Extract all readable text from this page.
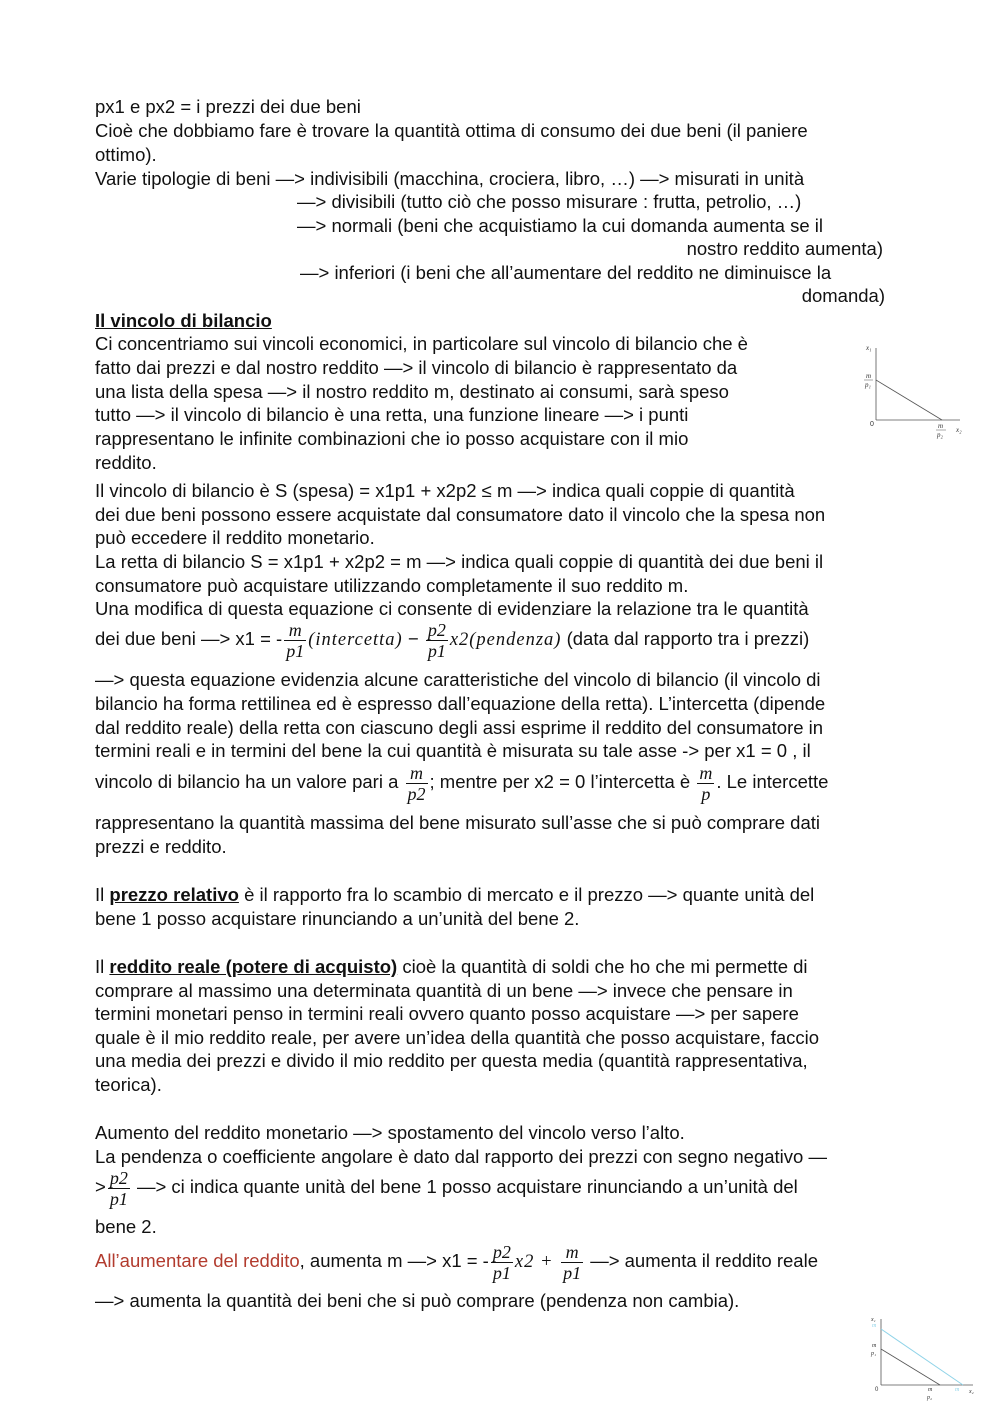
px1 e px2 = i prezzi dei due beni
Cioè che dobbiamo fare è trovare la quantità ottima di consumo dei due beni (il paniere
ottimo).
Varie tipologie di beni —> indivisibili (macchina, crociera, libro, …) —> misurati in unità
—> divisibili (tutto ciò che posso misurare : frutta, petrolio, …)
—> normali (beni che acquistiamo la cui domanda aumenta se il
nostro reddito aumenta)
—> inferiori (i beni che all’aumentare del reddito ne diminuisce la
domanda)
Il vincolo di bilancio
Ci concentriamo sui vincoli economici, in particolare sul vincolo di bilancio che è
fatto dai prezzi e dal nostro reddito —> il vincolo di bilancio è rappresentato da
una lista della spesa —> il nostro reddito m, destinato ai consumi, sarà speso
tutto —> il vincolo di bilancio è una retta, una funzione lineare —> i punti
rappresentano le infinite combinazioni che io posso acquistare con il mio
reddito.
x₁
x₂
0
m
p₁
m
p₂
Il vincolo di bilancio è S (spesa) = x1p1 + x2p2 ≤ m —> indica quali coppie di quantità
dei due beni possono essere acquistate dal consumatore dato il vincolo che la spesa non
può eccedere il reddito monetario.
La retta di bilancio S = x1p1 + x2p2 = m —> indica quali coppie di quantità dei due beni il
consumatore può acquistare utilizzando completamente il suo reddito m.
Una modifica di questa equazione ci consente di evidenziare la relazione tra le quantità
dei due beni —> x1 = - $\frac{m}{p1}$ (intercetta) − $\frac{p2}{p1}$ x2(pendenza) (data dal rapporto tra i prezzi)
—> questa equazione evidenzia alcune caratteristiche del vincolo di bilancio (il vincolo di
bilancio ha forma rettilinea ed è espresso dall’equazione della retta). L’intercetta (dipende
dal reddito reale) della retta con ciascuno degli assi esprime il reddito del consumatore in
termini reali e in termini del bene la cui quantità è misurata su tale asse -> per x1 = 0 , il
vincolo di bilancio ha un valore pari a $\frac{m}{p2}$ ; mentre per x2 = 0 l’intercetta è $\frac{m}{p}$ . Le intercette
rappresentano la quantità massima del bene misurato sull’asse che si può comprare dati
prezzi e reddito.
Il prezzo relativo è il rapporto fra lo scambio di mercato e il prezzo —> quante unità del
bene 1 posso acquistare rinunciando a un’unità del bene 2.
Il reddito reale (potere di acquisto) cioè la quantità di soldi che ho che mi permette di
comprare al massimo una determinata quantità di un bene —> invece che pensare in
termini monetari penso in termini reali ovvero quanto posso acquistare —> per sapere
quale è il mio reddito reale, per avere un’idea della quantità che posso acquistare, faccio
una media dei prezzi e divido il mio reddito per questa media (quantità rappresentativa,
teorica).
Aumento del reddito monetario —> spostamento del vincolo verso l’alto.
La pendenza o coefficiente angolare è dato dal rapporto dei prezzi con segno negativo —
> $\frac{p2}{p1}$ —> ci indica quante unità del bene 1 posso acquistare rinunciando a un’unità del
bene 2.
All’aumentare del reddito, aumenta m —> x1 = - $\frac{p2}{p1} x2 + \frac{m}{p1}$ —> aumenta il reddito reale
—> aumenta la quantità dei beni che si può comprare (pendenza non cambia).
x₁
x₂
0
m
p₁
m
m
p₂
m
